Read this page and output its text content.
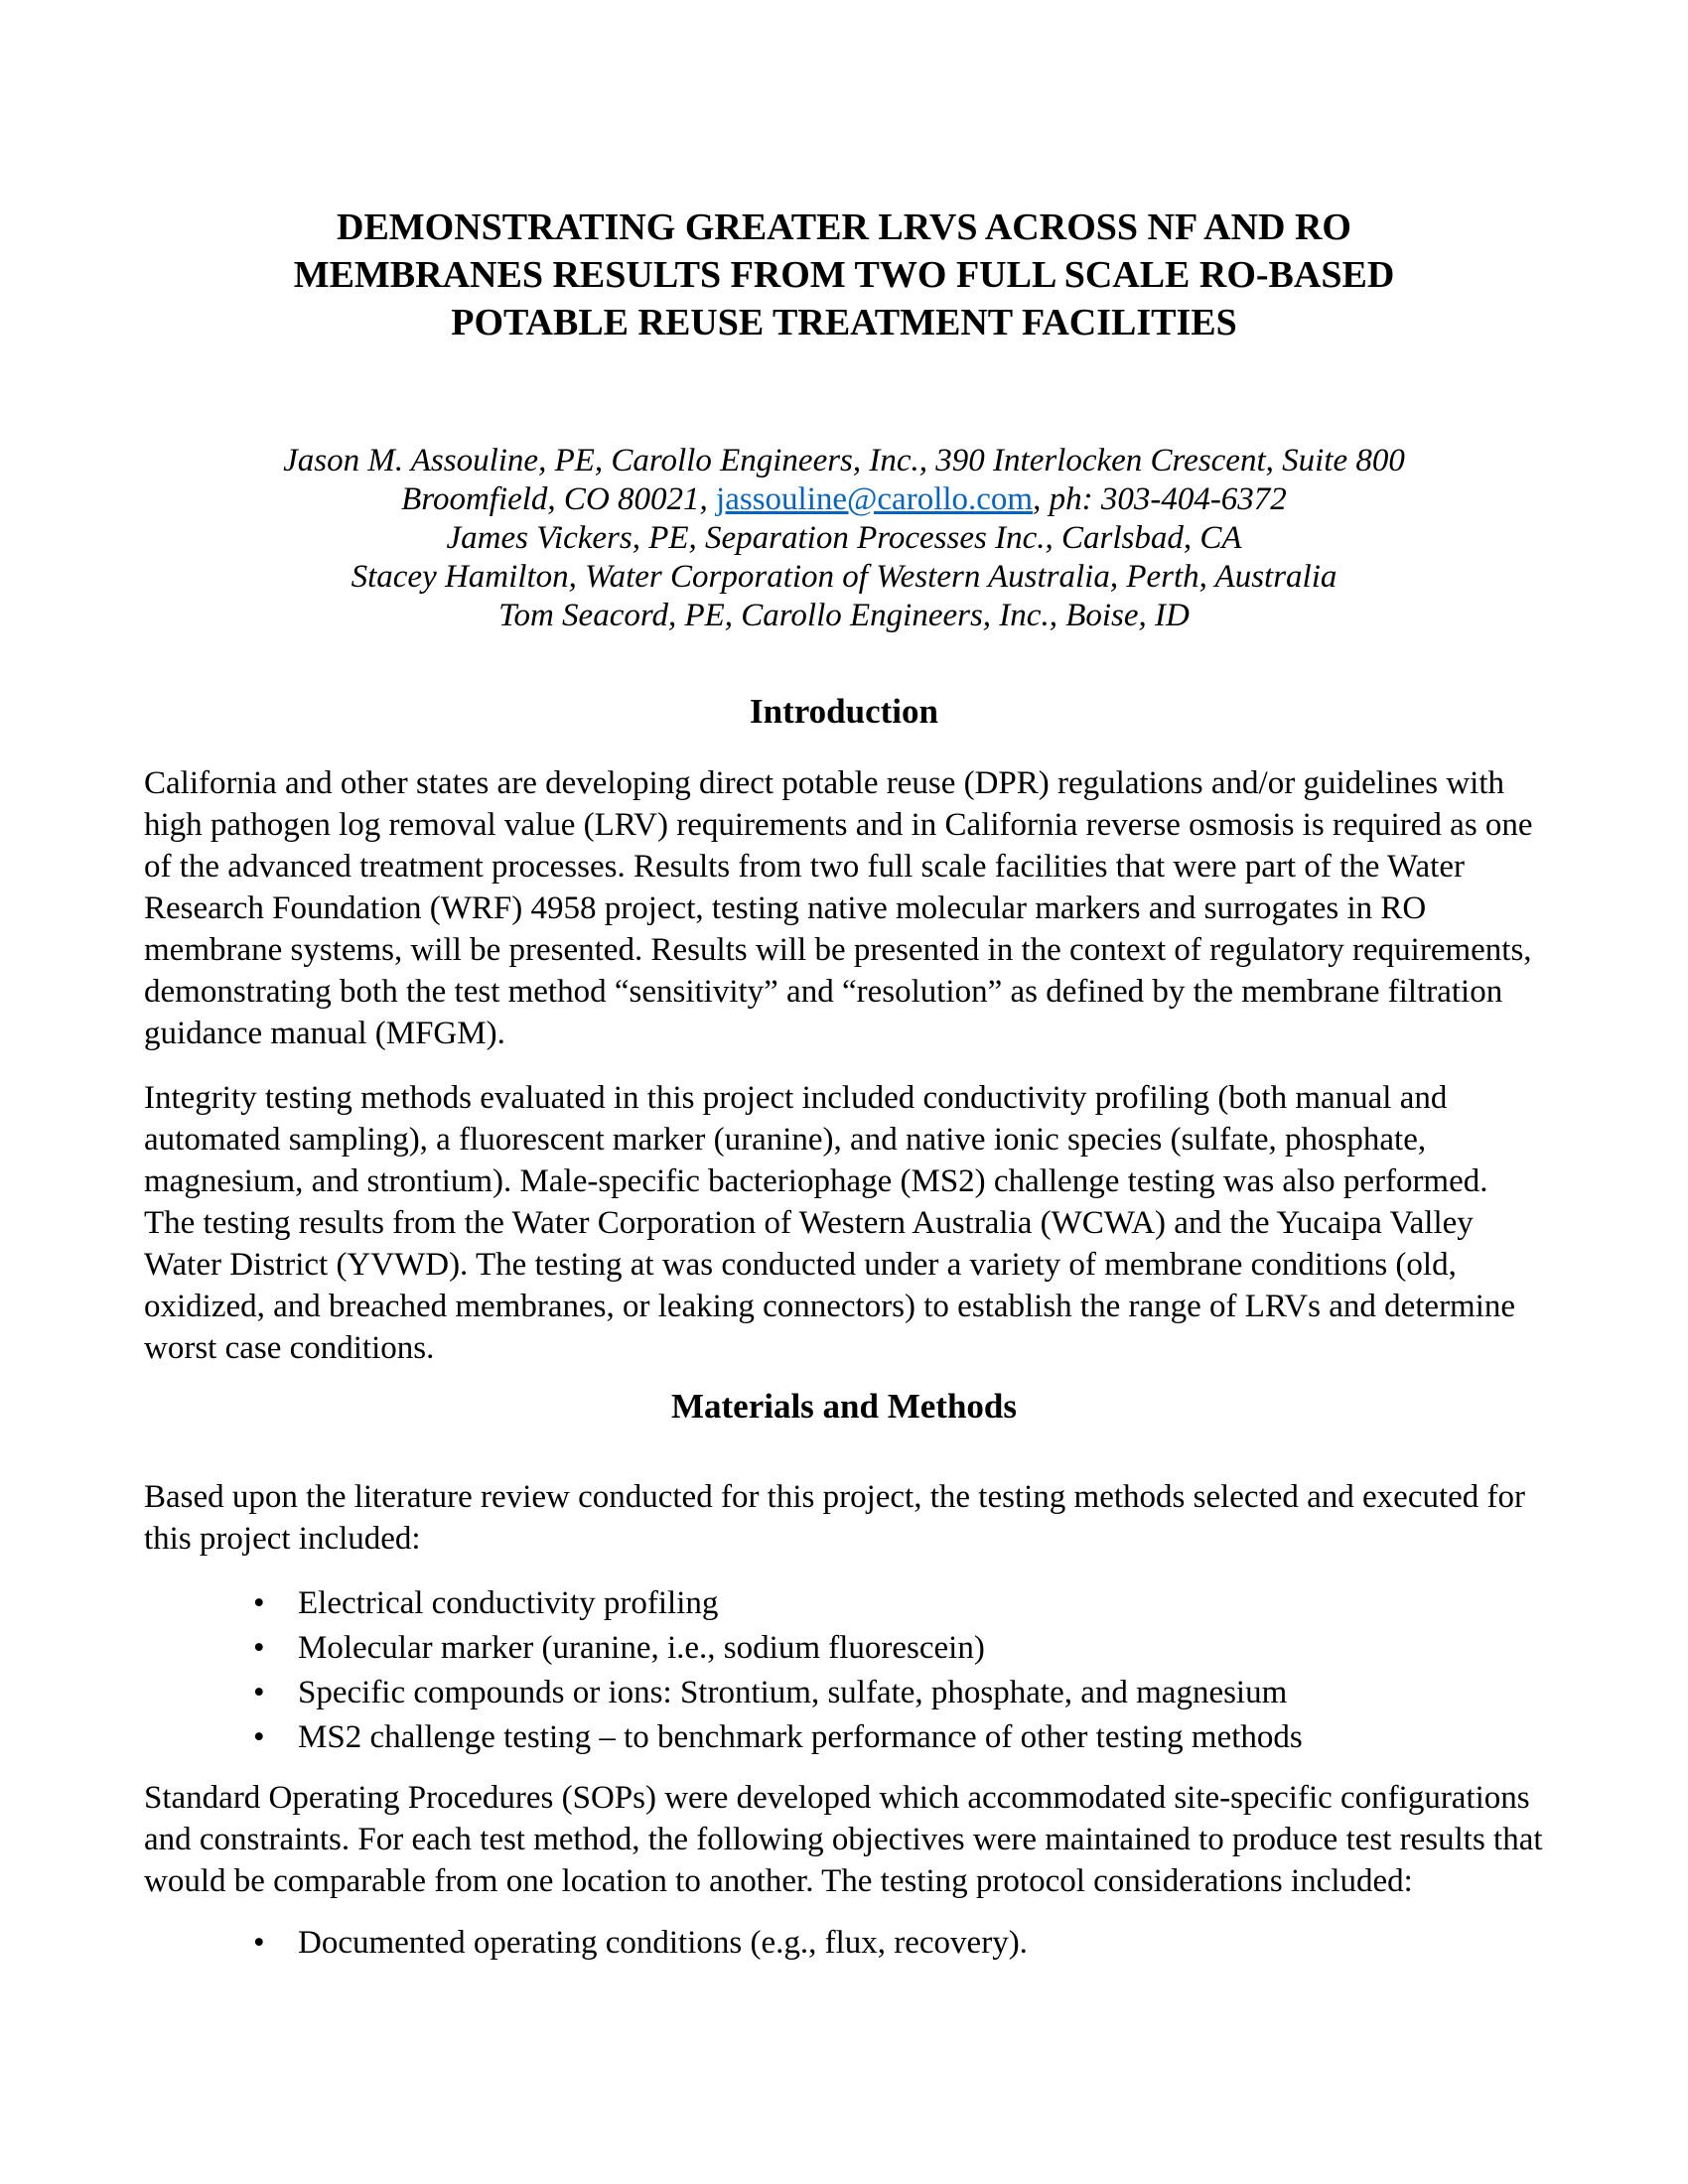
DEMONSTRATING GREATER LRVS ACROSS NF AND RO
MEMBRANES RESULTS FROM TWO FULL SCALE RO-BASED
POTABLE REUSE TREATMENT FACILITIES
Jason M. Assouline, PE, Carollo Engineers, Inc., 390 Interlocken Crescent, Suite 800
Broomfield, CO 80021, jassouline@carollo.com, ph: 303-404-6372
James Vickers, PE, Separation Processes Inc., Carlsbad, CA
Stacey Hamilton, Water Corporation of Western Australia, Perth, Australia
Tom Seacord, PE, Carollo Engineers, Inc., Boise, ID
Introduction

California and other states are developing direct potable reuse (DPR) regulations and/or guidelines with high pathogen log removal value (LRV) requirements and in California reverse osmosis is required as one of the advanced treatment processes. Results from two full scale facilities that were part of the Water Research Foundation (WRF) 4958 project, testing native molecular markers and surrogates in RO membrane systems, will be presented. Results will be presented in the context of regulatory requirements, demonstrating both the test method “sensitivity” and “resolution” as defined by the membrane filtration guidance manual (MFGM).

Integrity testing methods evaluated in this project included conductivity profiling (both manual and automated sampling), a fluorescent marker (uranine), and native ionic species (sulfate, phosphate, magnesium, and strontium). Male-specific bacteriophage (MS2) challenge testing was also performed. The testing results from the Water Corporation of Western Australia (WCWA) and the Yucaipa Valley Water District (YVWD). The testing at was conducted under a variety of membrane conditions (old, oxidized, and breached membranes, or leaking connectors) to establish the range of LRVs and determine worst case conditions.

Materials and Methods

Based upon the literature review conducted for this project, the testing methods selected and executed for this project included:

• Electrical conductivity profiling
• Molecular marker (uranine, i.e., sodium fluorescein)
• Specific compounds or ions: Strontium, sulfate, phosphate, and magnesium
• MS2 challenge testing – to benchmark performance of other testing methods

Standard Operating Procedures (SOPs) were developed which accommodated site-specific configurations and constraints. For each test method, the following objectives were maintained to produce test results that would be comparable from one location to another. The testing protocol considerations included:

• Documented operating conditions (e.g., flux, recovery).
